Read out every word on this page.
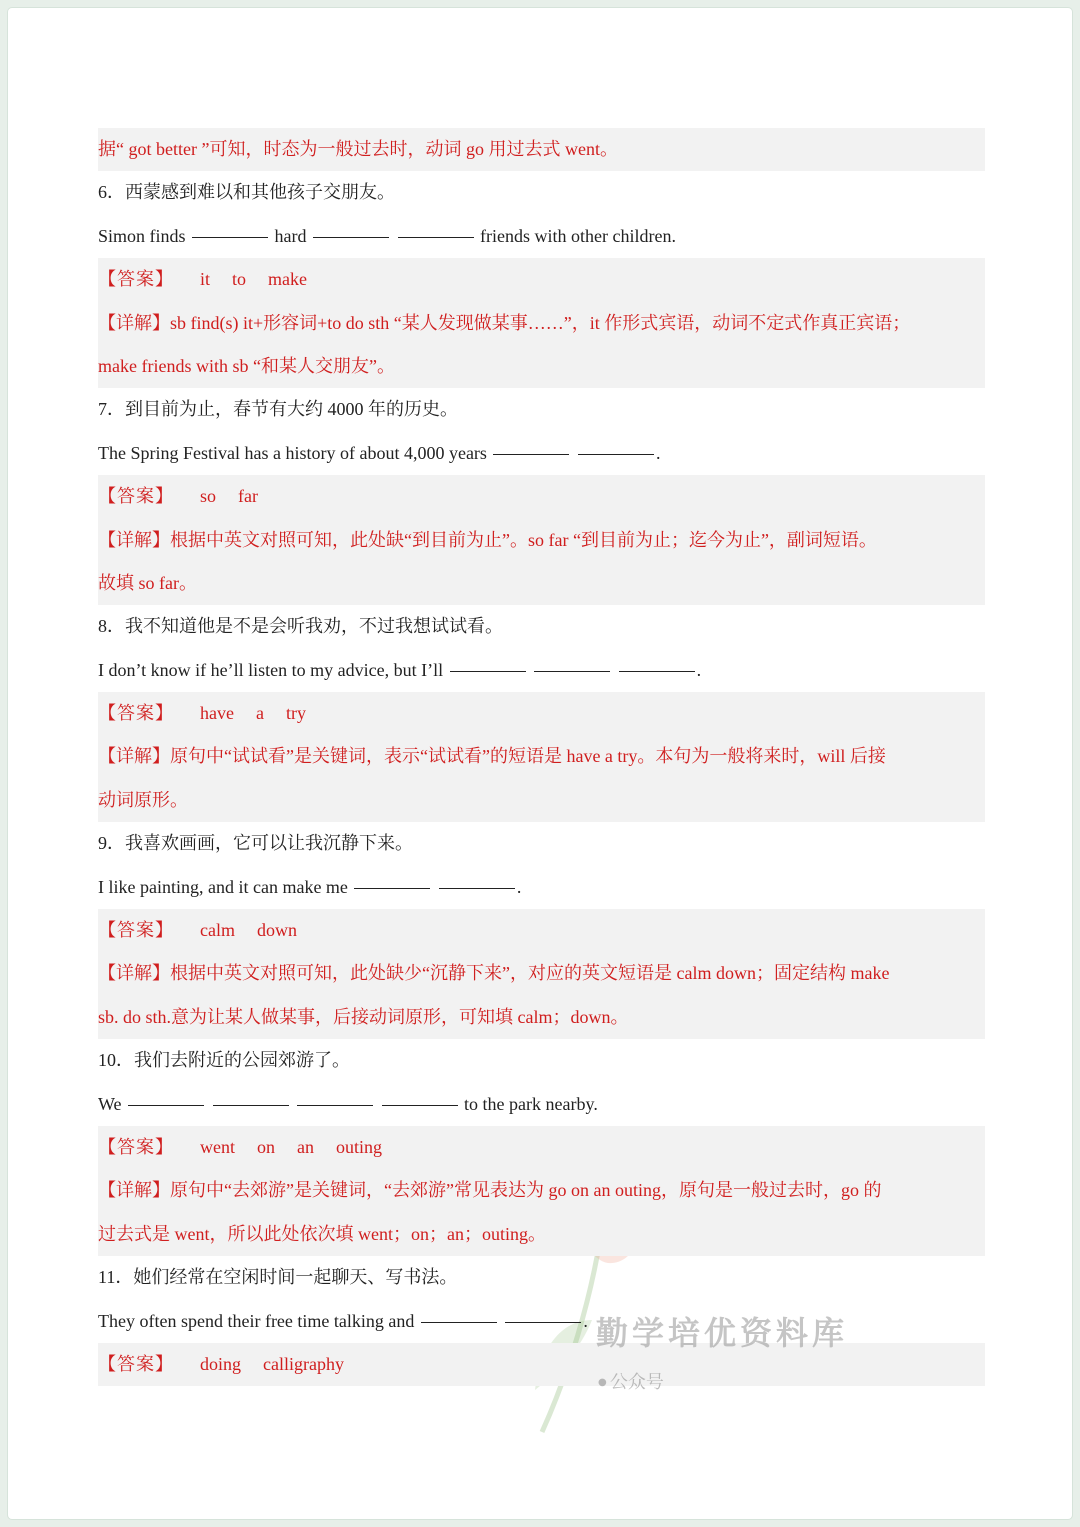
据“ got better ”可知，时态为一般过去时，动词 go 用过去式 went。
6．西蒙感到难以和其他孩子交朋友。
Simon finds	hard	friends with other children.
【答案】 it to make
【详解】sb find(s) it+形容词+to do sth “某人发现做某事……”，it 作形式宾语，动词不定式作真正宾语；
make friends with sb “和某人交朋友”。
7．到目前为止，春节有大约 4000 年的历史。
The Spring Festival has a history of about 4,000 years	.
【答案】 so far
【详解】根据中英文对照可知，此处缺“到目前为止”。so far “到目前为止；迄今为止”，副词短语。
故填 so far。
8．我不知道他是不是会听我劝，不过我想试试看。
I don’t know if he’ll listen to my advice, but I’ll	.
【答案】 have a try
【详解】原句中“试试看”是关键词，表示“试试看”的短语是 have a try。本句为一般将来时，will 后接
动词原形。
9．我喜欢画画，它可以让我沉静下来。
I like painting, and it can make me	.
【答案】 calm down
【详解】根据中英文对照可知，此处缺少“沉静下来”，对应的英文短语是 calm down；固定结构 make
sb. do sth.意为让某人做某事，后接动词原形，可知填 calm；down。
10．我们去附近的公园郊游了。
We	to the park nearby.
【答案】 went on an outing
【详解】原句中“去郊游”是关键词，“去郊游”常见表达为 go on an outing，原句是一般过去时，go 的
过去式是 went，所以此处依次填 went；on；an；outing。
11．她们经常在空闲时间一起聊天、写书法。
They often spend their free time talking and	.
【答案】 doing calligraphy
勤学培优资料库
● 公众号
